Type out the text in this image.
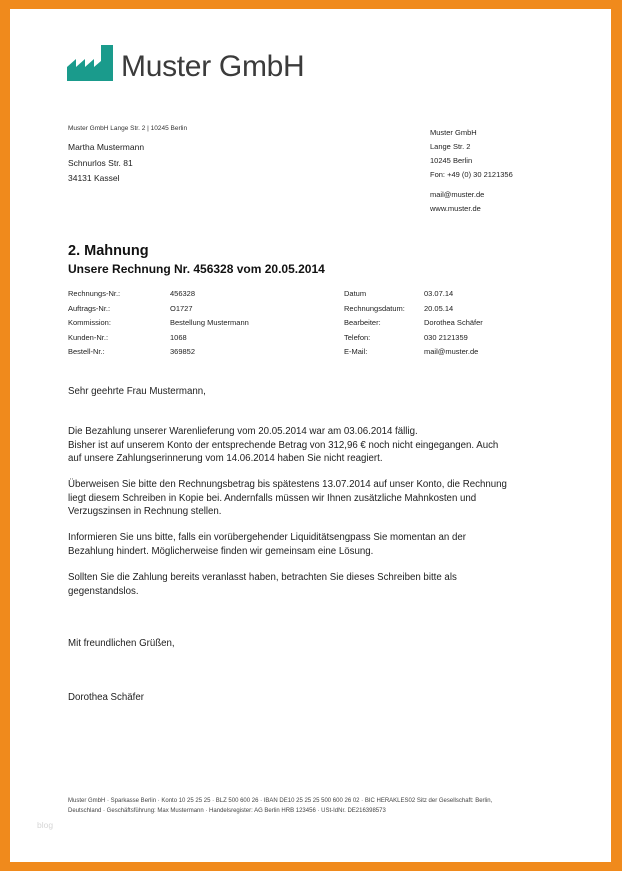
Muster GmbH
Muster GmbH Lange Str. 2 | 10245 Berlin
Martha Mustermann
Schnurlos Str. 81
34131 Kassel
Muster GmbH
Lange Str. 2
10245 Berlin
Fon: +49 (0) 30 2121356
mail@muster.de
www.muster.de
2. Mahnung
Unsere Rechnung Nr. 456328 vom 20.05.2014
Rechnungs-Nr.:	456328	Datum	03.07.14
Auftrags-Nr.:	O1727	Rechnungsdatum:	20.05.14
Kommission:	Bestellung Mustermann	Bearbeiter:	Dorothea Schäfer
Kunden-Nr.:	1068	Telefon:	030 2121359
Bestell-Nr.:	369852	E-Mail:	mail@muster.de
Sehr geehrte Frau Mustermann,
Die Bezahlung unserer Warenlieferung vom 20.05.2014 war am 03.06.2014 fällig.
Bisher ist auf unserem Konto der entsprechende Betrag von 312,96 € noch nicht eingegangen. Auch
auf unsere Zahlungserinnerung vom 14.06.2014 haben Sie nicht reagiert.
Überweisen Sie bitte den Rechnungsbetrag bis spätestens 13.07.2014 auf unser Konto, die Rechnung
liegt diesem Schreiben in Kopie bei. Andernfalls müssen wir Ihnen zusätzliche Mahnkosten und
Verzugszinsen in Rechnung stellen.
Informieren Sie uns bitte, falls ein vorübergehender Liquiditätsengpass Sie momentan an der
Bezahlung hindert. Möglicherweise finden wir gemeinsam eine Lösung.
Sollten Sie die Zahlung bereits veranlasst haben, betrachten Sie dieses Schreiben bitte als
gegenstandslos.
Mit freundlichen Grüßen,
Dorothea Schäfer
Muster GmbH · Sparkasse Berlin · Konto 10 25 25 25 · BLZ 500 600 26 · IBAN DE10 25 25 25 500 600 26 02 · BIC HERAKLES02 Sitz der Gesellschaft: Berlin,
Deutschland · Geschäftsführung: Max Mustermann · Handelsregister: AG Berlin HRB 123456 · USt-IdNr. DE216398573
blog
